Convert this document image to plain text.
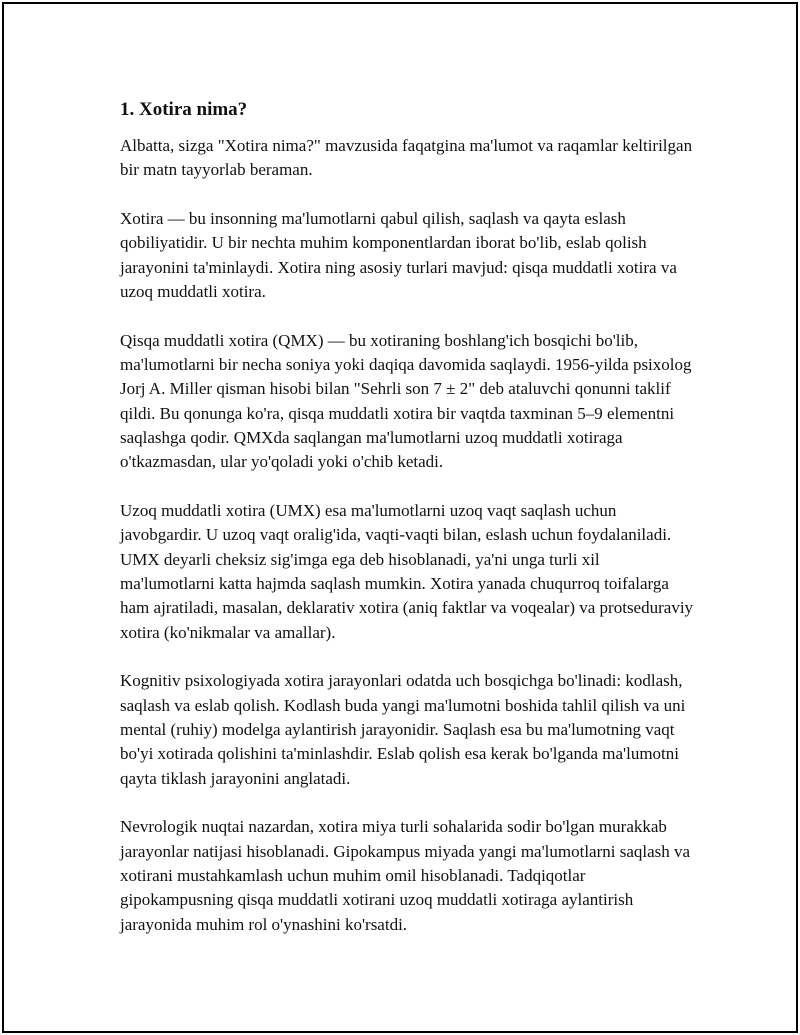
1. Xotira nima?

Albatta, sizga "Xotira nima?" mavzusida faqatgina ma'lumot va raqamlar keltirilgan bir matn tayyorlab beraman.

Xotira — bu insonning ma'lumotlarni qabul qilish, saqlash va qayta eslash qobiliyatidir. U bir nechta muhim komponentlardan iborat bo'lib, eslab qolish jarayonini ta'minlaydi. Xotira ning asosiy turlari mavjud: qisqa muddatli xotira va uzoq muddatli xotira.

Qisqa muddatli xotira (QMX) — bu xotiraning boshlang'ich bosqichi bo'lib, ma'lumotlarni bir necha soniya yoki daqiqa davomida saqlaydi. 1956-yilda psixolog Jorj A. Miller qisman hisobi bilan "Sehrli son 7 ± 2" deb ataluvchi qonunni taklif qildi. Bu qonunga ko'ra, qisqa muddatli xotira bir vaqtda taxminan 5–9 elementni saqlashga qodir. QMXda saqlangan ma'lumotlarni uzoq muddatli xotiraga o'tkazmasdan, ular yo'qoladi yoki o'chib ketadi.

Uzoq muddatli xotira (UMX) esa ma'lumotlarni uzoq vaqt saqlash uchun javobgardir. U uzoq vaqt oralig'ida, vaqti-vaqti bilan, eslash uchun foydalaniladi. UMX deyarli cheksiz sig'imga ega deb hisoblanadi, ya'ni unga turli xil ma'lumotlarni katta hajmda saqlash mumkin. Xotira yanada chuqurroq toifalarga ham ajratiladi, masalan, deklarativ xotira (aniq faktlar va voqealar) va protseduraviy xotira (ko'nikmalar va amallar).

Kognitiv psixologiyada xotira jarayonlari odatda uch bosqichga bo'linadi: kodlash, saqlash va eslab qolish. Kodlash buda yangi ma'lumotni boshida tahlil qilish va uni mental (ruhiy) modelga aylantirish jarayonidir. Saqlash esa bu ma'lumotning vaqt bo'yi xotirada qolishini ta'minlashdir. Eslab qolish esa kerak bo'lganda ma'lumotni qayta tiklash jarayonini anglatadi.

Nevrologik nuqtai nazardan, xotira miya turli sohalarida sodir bo'lgan murakkab jarayonlar natijasi hisoblanadi. Gipokampus miyada yangi ma'lumotlarni saqlash va xotirani mustahkamlash uchun muhim omil hisoblanadi. Tadqiqotlar gipokampusning qisqa muddatli xotirani uzoq muddatli xotiraga aylantirish jarayonida muhim rol o'ynashini ko'rsatdi.
